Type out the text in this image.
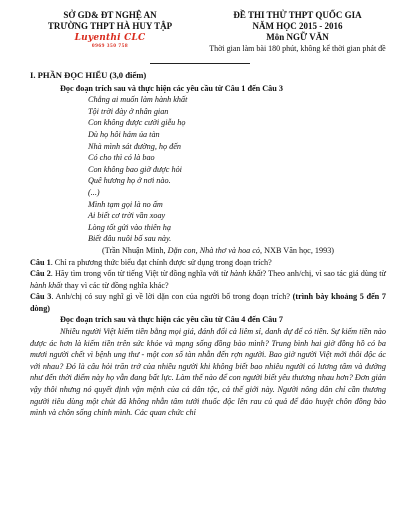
SỞ GD& ĐT NGHỆ AN
TRƯỜNG THPT HÀ HUY TẬP
Luyenthi CLC
0969 350 758
ĐỀ THI THỬ THPT QUỐC GIA
NĂM HỌC 2015 - 2016
Môn NGỮ VĂN
Thời gian làm bài 180 phút, không kể thời gian phát đề
I. PHẦN ĐỌC HIỂU (3,0 điểm)
Đọc đoạn trích sau và thực hiện các yêu cầu từ Câu 1 đến Câu 3
Chẳng ai muốn làm hành khất
Tội trời đày ở nhân gian
Con không được cười giễu họ
Dù họ hôi hám úa tàn
Nhà mình sát đường, họ đến
Có cho thì có là bao
Con không bao giờ được hỏi
Quê hương họ ở nơi nào.
(...)
Mình tạm gọi là no ấm
Ai biết cơ trời vần xoay
Lòng tốt gửi vào thiên hạ
Biết đâu nuôi bố sau này.
(Trần Nhuận Minh, Dặn con, Nhà thơ và hoa cỏ, NXB Văn học, 1993)
Câu 1. Chỉ ra phương thức biểu đạt chính được sử dụng trong đoạn trích?
Câu 2. Hãy tìm trong vốn từ tiếng Việt từ đồng nghĩa với từ hành khất? Theo anh/chị, vì sao tác giả dùng từ hành khất thay vì các từ đồng nghĩa khác?
Câu 3. Anh/chị có suy nghĩ gì về lời dặn con của người bố trong đoạn trích? (trình bày khoảng 5 đến 7 dòng)
Đọc đoạn trích sau và thực hiện các yêu cầu từ Câu 4 đến Câu 7
Nhiều người Việt kiếm tiền bằng mọi giá, đánh đổi cả liêm sỉ, danh dự để có tiền. Sự kiếm tiền nào được ác hơn là kiếm tiền trên sức khỏe và mạng sống đồng bào mình? Trung bình hai giờ đồng hồ có ba mươi người chết vì bệnh ung thư - một con số tàn nhẫn đến rợn người. Bao giờ người Việt mới thôi độc ác với nhau? Đó là câu hỏi trăn trở của nhiều người khi không biết bao nhiêu người có lương tâm và đường như đến thời điểm này họ vẫn đang bất lực. Làm thế nào để con người biết yêu thương nhau hơn? Đơn giản vậy thôi nhưng nó quyết định vận mệnh của cả dân tộc, cả thế giới này. Người nông dân chỉ cần thương người tiêu dùng một chút đã không nhẫn tâm tưới thuốc độc lên rau củ quả để đảo huyệt chôn đồng bào mình và chôn sống chính mình. Các quan chức chỉ
